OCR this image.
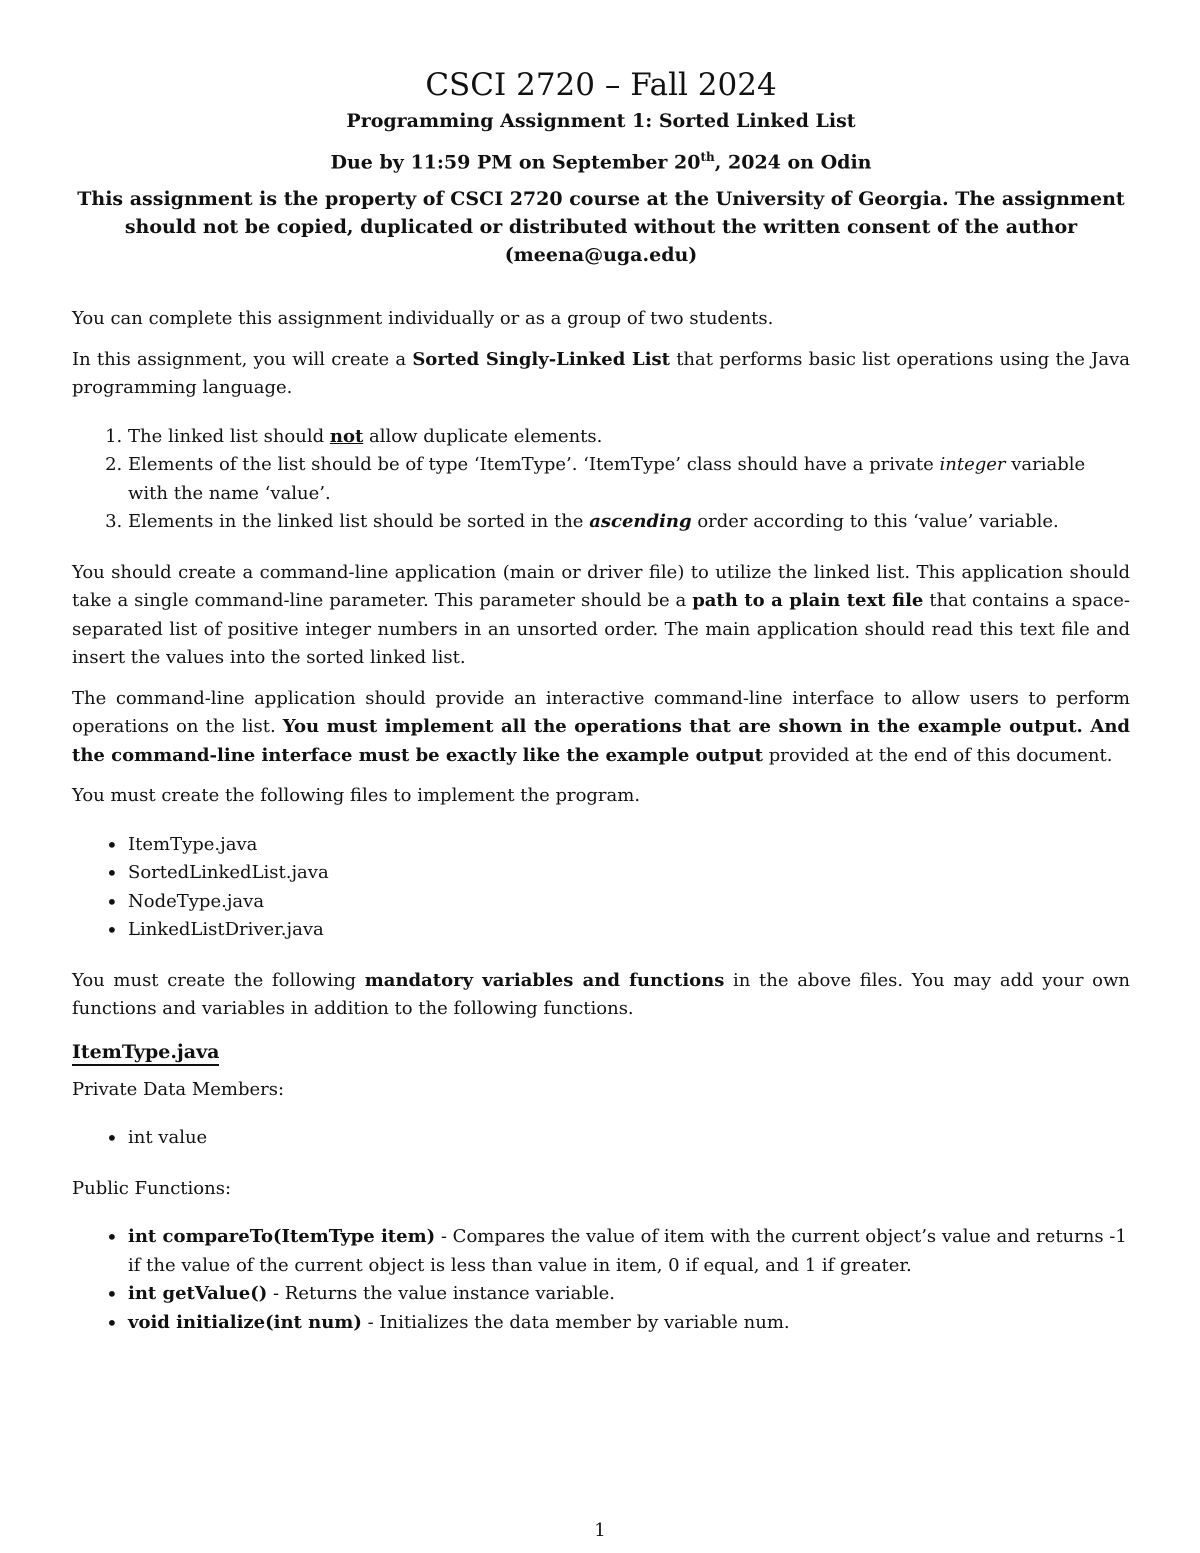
CSCI 2720 – Fall 2024
Programming Assignment 1: Sorted Linked List
Due by 11:59 PM on September 20th, 2024 on Odin
This assignment is the property of CSCI 2720 course at the University of Georgia. The assignment should not be copied, duplicated or distributed without the written consent of the author (meena@uga.edu)

You can complete this assignment individually or as a group of two students.

In this assignment, you will create a Sorted Singly-Linked List that performs basic list operations using the Java programming language.

1. The linked list should not allow duplicate elements.
2. Elements of the list should be of type ‘ItemType’. ‘ItemType’ class should have a private integer variable with the name ‘value’.
3. Elements in the linked list should be sorted in the ascending order according to this ‘value’ variable.

You should create a command-line application (main or driver file) to utilize the linked list. This application should take a single command-line parameter. This parameter should be a path to a plain text file that contains a space-separated list of positive integer numbers in an unsorted order. The main application should read this text file and insert the values into the sorted linked list.

The command-line application should provide an interactive command-line interface to allow users to perform operations on the list. You must implement all the operations that are shown in the example output. And the command-line interface must be exactly like the example output provided at the end of this document.

You must create the following files to implement the program.

• ItemType.java
• SortedLinkedList.java
• NodeType.java
• LinkedListDriver.java

You must create the following mandatory variables and functions in the above files. You may add your own functions and variables in addition to the following functions.

ItemType.java

Private Data Members:

• int value

Public Functions:

• int compareTo(ItemType item) - Compares the value of item with the current object’s value and returns -1 if the value of the current object is less than value in item, 0 if equal, and 1 if greater.
• int getValue() - Returns the value instance variable.
• void initialize(int num) - Initializes the data member by variable num.
1
